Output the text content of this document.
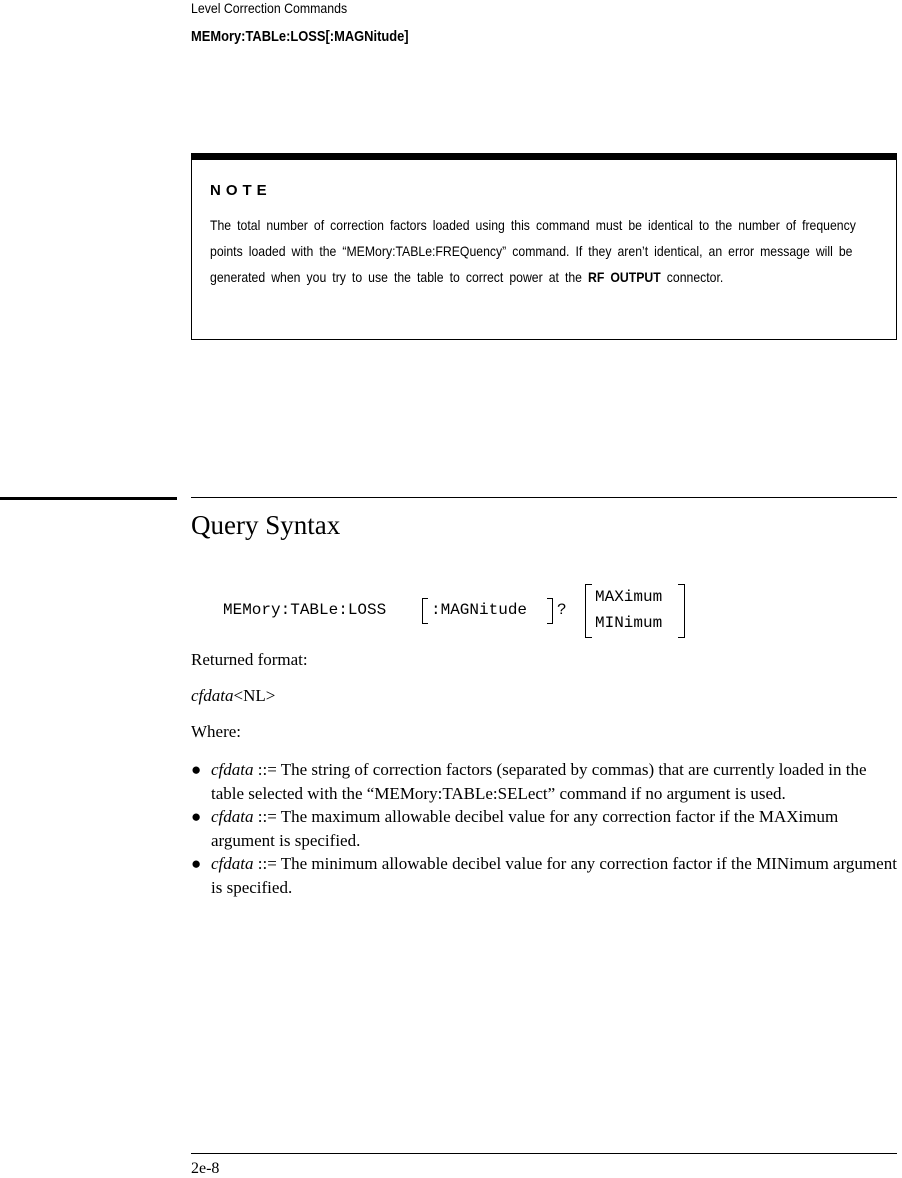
Level Correction Commands
MEMory:TABLe:LOSS[:MAGNitude]
NOTE
The total number of correction factors loaded using this command must be identical to the number of frequency points loaded with the “MEMory:TABLe:FREQuency” command. If they aren’t identical, an error message will be generated when you try to use the table to correct power at the RF OUTPUT connector.
Query Syntax
MEMory:TABLe:LOSS	:MAGNitude ?
MAXimum
MINimum
Returned format:
cfdata<NL>
Where:
● cfdata ::= The string of correction factors (separated by commas) that are currently loaded in the table selected with the “MEMory:TABLe:SELect” command if no argument is used.
● cfdata ::= The maximum allowable decibel value for any correction factor if the MAXimum argument is specified.
● cfdata ::= The minimum allowable decibel value for any correction factor if the MINimum argument is specified.
2e-8
